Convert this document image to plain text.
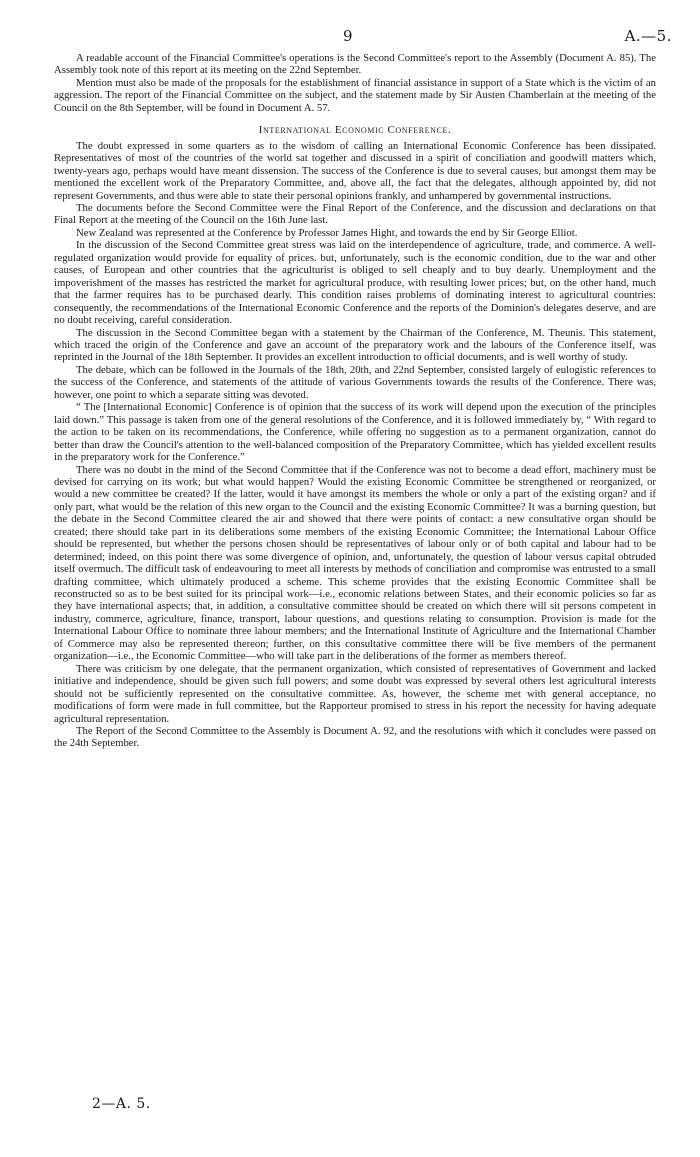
9	A.—5.

A readable account of the Financial Committee's operations is the Second Committee's report to the Assembly (Document A. 85). The Assembly took note of this report at its meeting on the 22nd September.

Mention must also be made of the proposals for the establishment of financial assistance in support of a State which is the victim of an aggression. The report of the Financial Committee on the subject, and the statement made by Sir Austen Chamberlain at the meeting of the Council on the 8th September, will be found in Document A. 57.

International Economic Conference.

The doubt expressed in some quarters as to the wisdom of calling an International Economic Conference has been dissipated. Representatives of most of the countries of the world sat together and discussed in a spirit of conciliation and goodwill matters which, twenty-years ago, perhaps would have meant dissension. The success of the Conference is due to several causes, but amongst them may be mentioned the excellent work of the Preparatory Committee, and, above all, the fact that the delegates, although appointed by, did not represent Governments, and thus were able to state their personal opinions frankly, and unhampered by governmental instructions.

The documents before the Second Committee were the Final Report of the Conference, and the discussion and declarations on that Final Report at the meeting of the Council on the 16th June last.

New Zealand was represented at the Conference by Professor James Hight, and towards the end by Sir George Elliot.

In the discussion of the Second Committee great stress was laid on the interdependence of agriculture, trade, and commerce. A well-regulated organization would provide for equality of prices. but, unfortunately, such is the economic condition, due to the war and other causes, of European and other countries that the agriculturist is obliged to sell cheaply and to buy dearly. Unemployment and the impoverishment of the masses has restricted the market for agricultural produce, with resulting lower prices; but, on the other hand, much that the farmer requires has to be purchased dearly. This condition raises problems of dominating interest to agricultural countries: consequently, the recommendations of the International Economic Conference and the reports of the Dominion's delegates deserve, and are no doubt receiving, careful consideration.

The discussion in the Second Committee began with a statement by the Chairman of the Conference, M. Theunis. This statement, which traced the origin of the Conference and gave an account of the preparatory work and the labours of the Conference itself, was reprinted in the Journal of the 18th September. It provides an excellent introduction to official documents, and is well worthy of study.

The debate, which can be followed in the Journals of the 18th, 20th, and 22nd September, consisted largely of eulogistic references to the success of the Conference, and statements of the attitude of various Governments towards the results of the Conference. There was, however, one point to which a separate sitting was devoted.

“ The [International Economic] Conference is of opinion that the success of its work will depend upon the execution of the principles laid down.” This passage is taken from one of the general resolutions of the Conference, and it is followed immediately by, “ With regard to the action to be taken on its recommendations, the Conference, while offering no suggestion as to a permanent organization, cannot do better than draw the Council's attention to the well-balanced composition of the Preparatory Committee, which has yielded excellent results in the preparatory work for the Conference.”

There was no doubt in the mind of the Second Committee that if the Conference was not to become a dead effort, machinery must be devised for carrying on its work; but what would happen? Would the existing Economic Committee be strengthened or reorganized, or would a new committee be created? If the latter, would it have amongst its members the whole or only a part of the existing organ? and if only part, what would be the relation of this new organ to the Council and the existing Economic Committee? It was a burning question, but the debate in the Second Committee cleared the air and showed that there were points of contact: a new consultative organ should be created; there should take part in its deliberations some members of the existing Economic Committee; the International Labour Office should be represented, but whether the persons chosen should be representatives of labour only or of both capital and labour had to be determined; indeed, on this point there was some divergence of opinion, and, unfortunately, the question of labour versus capital obtruded itself overmuch. The difficult task of endeavouring to meet all interests by methods of conciliation and compromise was entrusted to a small drafting committee, which ultimately produced a scheme. This scheme provides that the existing Economic Committee shall be reconstructed so as to be best suited for its principal work—i.e., economic relations between States, and their economic policies so far as they have international aspects; that, in addition, a consultative committee should be created on which there will sit persons competent in industry, commerce, agriculture, finance, transport, labour questions, and questions relating to consumption. Provision is made for the International Labour Office to nominate three labour members; and the International Institute of Agriculture and the International Chamber of Commerce may also be represented thereon; further, on this consultative committee there will be five members of the permanent organization—i.e., the Economic Committee—who will take part in the deliberations of the former as members thereof.

There was criticism by one delegate, that the permanent organization, which consisted of representatives of Government and lacked initiative and independence, should be given such full powers; and some doubt was expressed by several others lest agricultural interests should not be sufficiently represented on the consultative committee. As, however, the scheme met with general acceptance, no modifications of form were made in full committee, but the Rapporteur promised to stress in his report the necessity for having adequate agricultural representation.

The Report of the Second Committee to the Assembly is Document A. 92, and the resolutions with which it concludes were passed on the 24th September.

2—A. 5.
